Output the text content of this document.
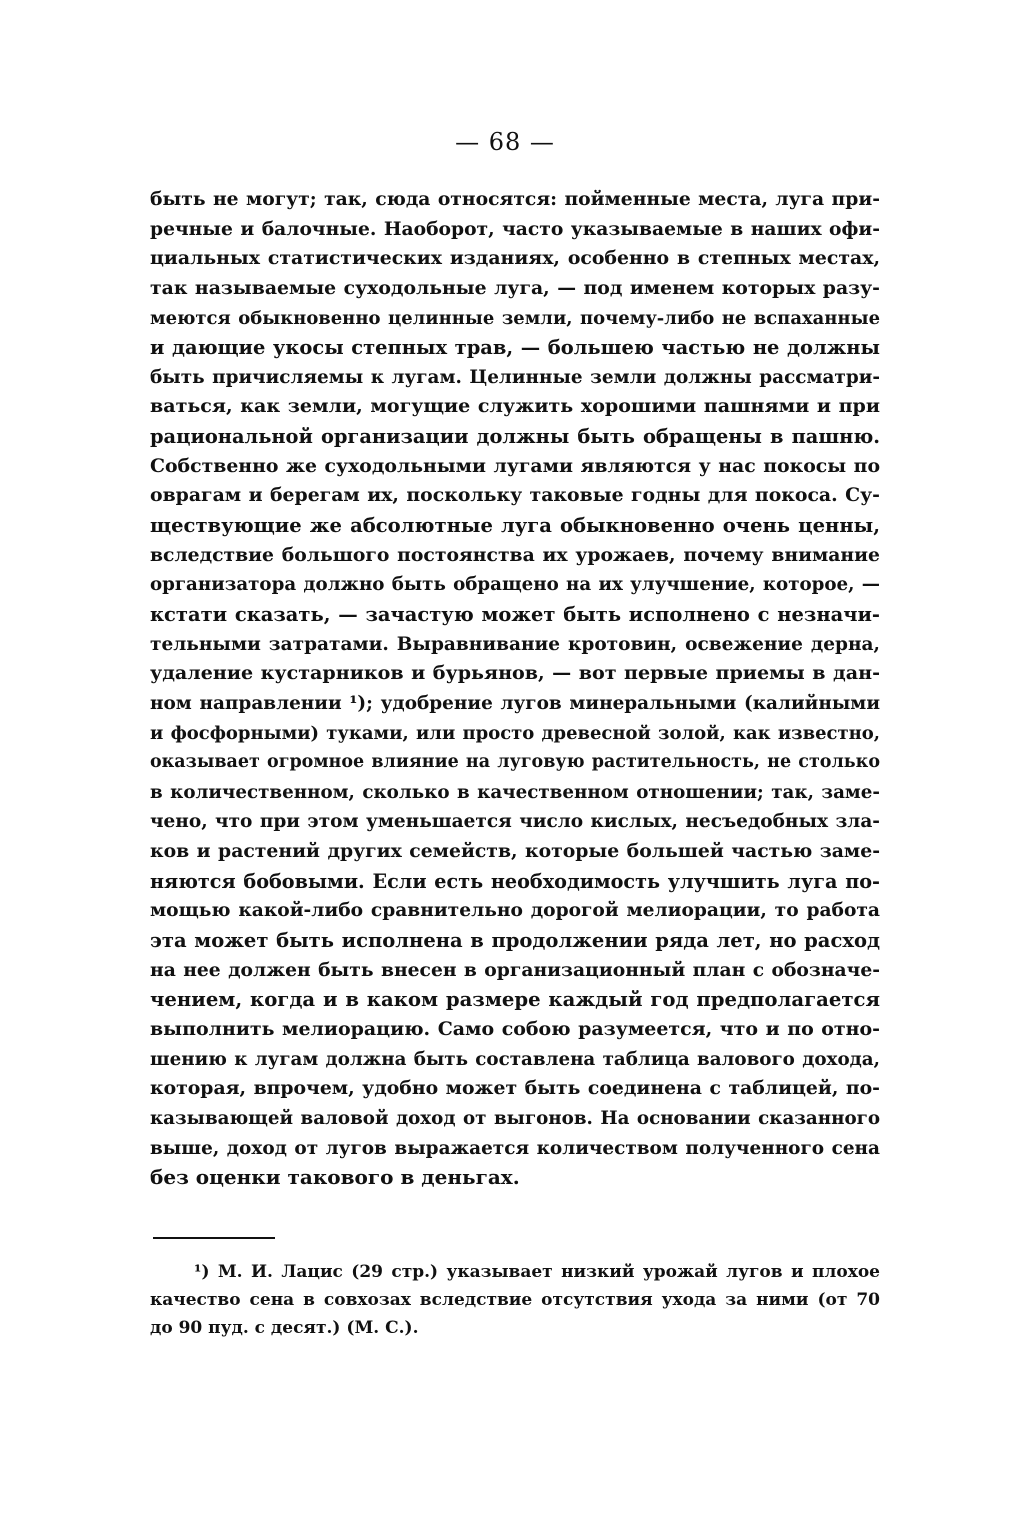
— 68 —
быть не могут; так, сюда относятся: пойменные места, луга при-
речные и балочные. Наоборот, часто указываемые в наших офи-
циальных статистических изданиях, особенно в степных местах,
так называемые суходольные луга, — под именем которых разу-
меются обыкновенно целинные земли, почему-либо не вспаханные
и дающие укосы степных трав, — большею частью не должны
быть причисляемы к лугам. Целинные земли должны рассматри-
ваться, как земли, могущие служить хорошими пашнями и при
рациональной организации должны быть обращены в пашню.
Собственно же суходольными лугами являются у нас покосы по
оврагам и берегам их, поскольку таковые годны для покоса. Су-
ществующие же абсолютные луга обыкновенно очень ценны,
вследствие большого постоянства их урожаев, почему внимание
организатора должно быть обращено на их улучшение, которое, —
кстати сказать, — зачастую может быть исполнено с незначи-
тельными затратами. Выравнивание кротовин, освежение дерна,
удаление кустарников и бурьянов, — вот первые приемы в дан-
ном направлении ¹); удобрение лугов минеральными (калийными
и фосфорными) туками, или просто древесной золой, как известно,
оказывает огромное влияние на луговую растительность, не столько
в количественном, сколько в качественном отношении; так, заме-
чено, что при этом уменьшается число кислых, несъедобных зла-
ков и растений других семейств, которые большей частью заме-
няются бобовыми. Если есть необходимость улучшить луга по-
мощью какой-либо сравнительно дорогой мелиорации, то работа
эта может быть исполнена в продолжении ряда лет, но расход
на нее должен быть внесен в организационный план с обозначе-
чением, когда и в каком размере каждый год предполагается
выполнить мелиорацию. Само собою разумеется, что и по отно-
шению к лугам должна быть составлена таблица валового дохода,
которая, впрочем, удобно может быть соединена с таблицей, по-
казывающей валовой доход от выгонов. На основании сказанного
выше, доход от лугов выражается количеством полученного сена
без оценки такового в деньгах.
¹) М. И. Лацис (29 стр.) указывает низкий урожай лугов и плохое
качество сена в совхозах вследствие отсутствия ухода за ними (от 70
до 90 пуд. с десят.) (М. С.).
